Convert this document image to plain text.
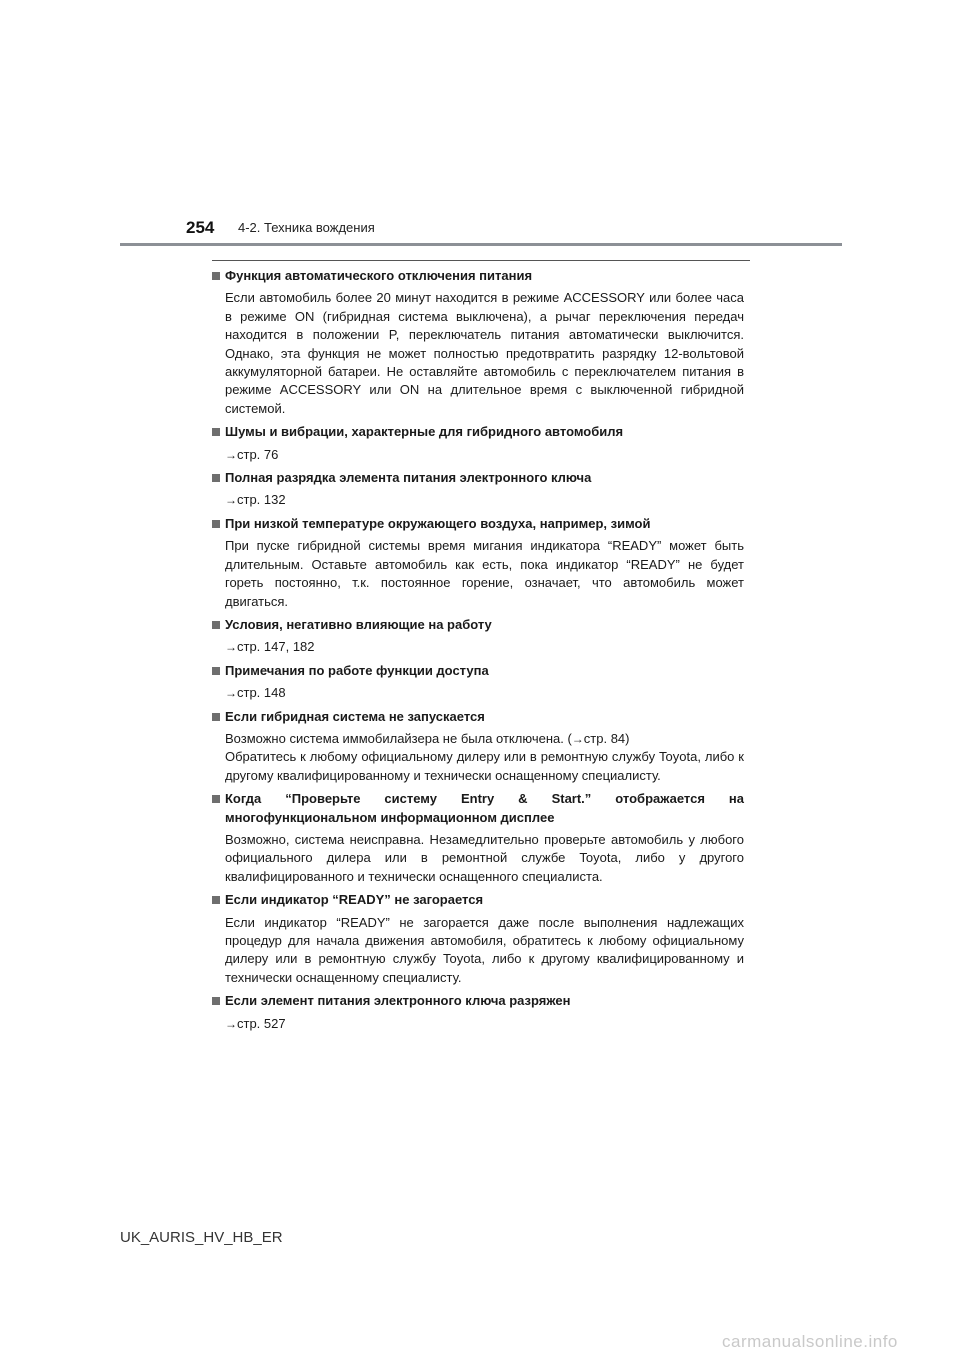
254 4-2. Техника вождения
Функция автоматического отключения питания
Если автомобиль более 20 минут находится в режиме ACCESSORY или более часа в режиме ON (гибридная система выключена), а рычаг переключения передач находится в положении P, переключатель питания автоматически выключится. Однако, эта функция не может полностью предотвратить разрядку 12-вольтовой аккумуляторной батареи. Не оставляйте автомобиль с переключателем питания в режиме ACCESSORY или ON на длительное время с выключенной гибридной системой.
Шумы и вибрации, характерные для гибридного автомобиля
→стр. 76
Полная разрядка элемента питания электронного ключа
→стр. 132
При низкой температуре окружающего воздуха, например, зимой
При пуске гибридной системы время мигания индикатора “READY” может быть длительным. Оставьте автомобиль как есть, пока индикатор “READY” не будет гореть постоянно, т.к. постоянное горение, означает, что автомобиль может двигаться.
Условия, негативно влияющие на работу
→стр. 147, 182
Примечания по работе функции доступа
→стр. 148
Если гибридная система не запускается
Возможно система иммобилайзера не была отключена. (→стр. 84)
Обратитесь к любому официальному дилеру или в ремонтную службу Toyota, либо к другому квалифицированному и технически оснащенному специалисту.
Когда “Проверьте систему Entry & Start.” отображается на многофункциональном информационном дисплее
Возможно, система неисправна. Незамедлительно проверьте автомобиль у любого официального дилера или в ремонтной службе Toyota, либо у другого квалифицированного и технически оснащенного специалиста.
Если индикатор “READY” не загорается
Если индикатор “READY” не загорается даже после выполнения надлежащих процедур для начала движения автомобиля, обратитесь к любому официальному дилеру или в ремонтную службу Toyota, либо к другому квалифицированному и технически оснащенному специалисту.
Если элемент питания электронного ключа разряжен
→стр. 527
UK_AURIS_HV_HB_ER
carmanualsonline.info
